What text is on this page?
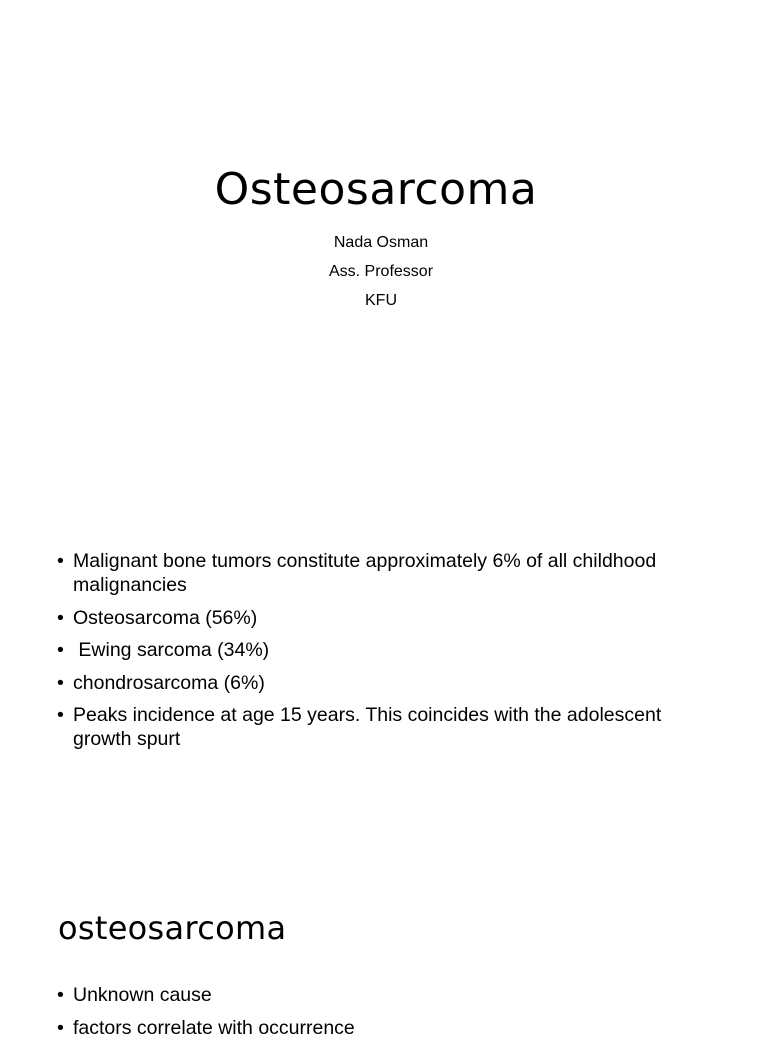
Osteosarcoma
Nada Osman
Ass. Professor
KFU
• Malignant bone tumors constitute approximately 6% of all childhood malignancies
• Osteosarcoma (56%)
• Ewing sarcoma (34%)
• chondrosarcoma (6%)
• Peaks incidence at age 15 years. This coincides with the adolescent growth spurt
osteosarcoma
• Unknown cause
• factors correlate with occurrence
